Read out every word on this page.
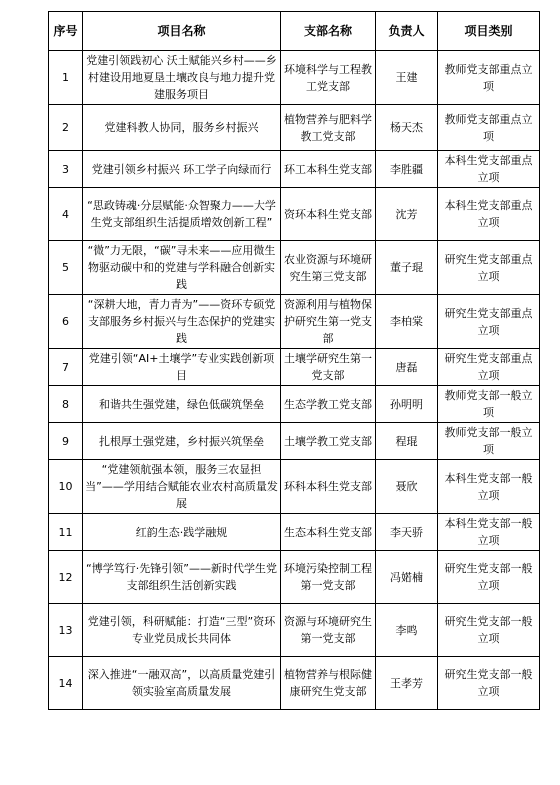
序号	项目名称	支部名称	负责人	项目类别
1	党建引领践初心 沃土赋能兴乡村——乡村建设用地夏垦土壤改良与地力提升党建服务项目	环境科学与工程教工党支部	王建	教师党支部重点立项
2	党建科教人协同，服务乡村振兴	植物营养与肥料学教工党支部	杨天杰	教师党支部重点立项
3	党建引领乡村振兴 环工学子向绿而行	环工本科生党支部	李胜疆	本科生党支部重点立项
4	“思政铸魂·分层赋能·众智聚力——大学生党支部组织生活提质增效创新工程”	资环本科生党支部	沈芳	本科生党支部重点立项
5	“微”力无限，“碳”寻未来——应用微生物驱动碳中和的党建与学科融合创新实践	农业资源与环境研究生第三党支部	董子琨	研究生党支部重点立项
6	“深耕大地，青力青为”——资环专硕党支部服务乡村振兴与生态保护的党建实践	资源利用与植物保护研究生第一党支部	李柏棠	研究生党支部重点立项
7	党建引领“AI+土壤学”专业实践创新项目	土壤学研究生第一党支部	唐磊	研究生党支部重点立项
8	和谐共生强党建，绿色低碳筑堡垒	生态学教工党支部	孙明明	教师党支部一般立项
9	扎根厚土强党建，乡村振兴筑堡垒	土壤学教工党支部	程琨	教师党支部一般立项
10	“党建领航强本领，服务三农显担当”——学用结合赋能农业农村高质量发展	环科本科生党支部	聂欣	本科生党支部一般立项
11	红韵生态·践学融规	生态本科生党支部	李天骄	本科生党支部一般立项
12	“博学笃行·先锋引领”——新时代学生党支部组织生活创新实践	环境污染控制工程第一党支部	冯婼楠	研究生党支部一般立项
13	党建引领，科研赋能：打造“三型”资环专业党员成长共同体	资源与环境研究生第一党支部	李鸣	研究生党支部一般立项
14	深入推进“一融双高”，以高质量党建引领实验室高质量发展	植物营养与根际健康研究生党支部	王孝芳	研究生党支部一般立项
